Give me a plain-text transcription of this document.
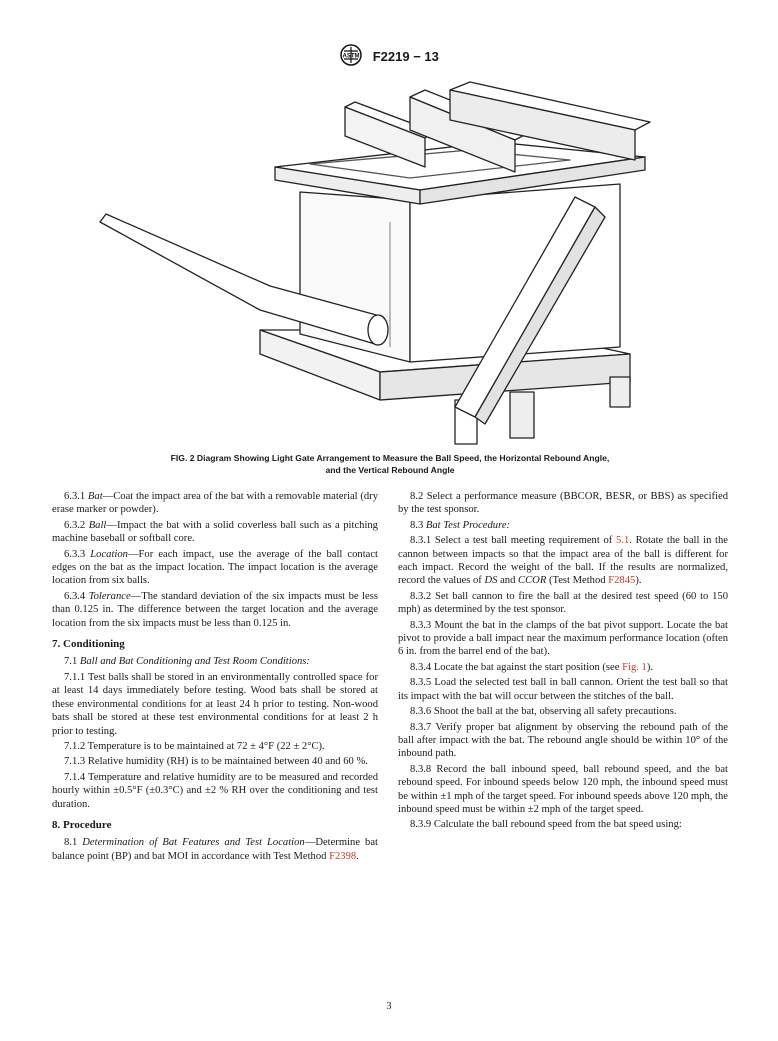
ASTM F2219 − 13
FIG. 2 Diagram Showing Light Gate Arrangement to Measure the Ball Speed, the Horizontal Rebound Angle,
and the Vertical Rebound Angle

6.3.1 Bat—Coat the impact area of the bat with a removable material (dry erase marker or powder).

6.3.2 Ball—Impact the bat with a solid coverless ball such as a pitching machine baseball or softball core.

6.3.3 Location—For each impact, use the average of the ball contact edges on the bat as the impact location. The impact location is the average location from six balls.

6.3.4 Tolerance—The standard deviation of the six impacts must be less than 0.125 in. The difference between the target location and the average location from the six impacts must be less than 0.125 in.

7. Conditioning

7.1 Ball and Bat Conditioning and Test Room Conditions:

7.1.1 Test balls shall be stored in an environmentally controlled space for at least 14 days immediately before testing. Wood bats shall be stored at these environmental conditions for at least 24 h prior to testing. Non-wood bats shall be stored at these test environmental conditions for at least 2 h prior to testing.

7.1.2 Temperature is to be maintained at 72 ± 4°F (22 ± 2°C).

7.1.3 Relative humidity (RH) is to be maintained between 40 and 60 %.

7.1.4 Temperature and relative humidity are to be measured and recorded hourly within ±0.5°F (±0.3°C) and ±2 % RH over the conditioning and test duration.

8. Procedure

8.1 Determination of Bat Features and Test Location—Determine bat balance point (BP) and bat MOI in accordance with Test Method F2398.

8.2 Select a performance measure (BBCOR, BESR, or BBS) as specified by the test sponsor.

8.3 Bat Test Procedure:

8.3.1 Select a test ball meeting requirement of 5.1. Rotate the ball in the cannon between impacts so that the impact area of the ball is different for each impact. Record the weight of the ball. If the results are normalized, record the values of DS and CCOR (Test Method F2845).

8.3.2 Set ball cannon to fire the ball at the desired test speed (60 to 150 mph) as determined by the test sponsor.

8.3.3 Mount the bat in the clamps of the bat pivot support. Locate the bat pivot to provide a ball impact near the maximum performance location (often 6 in. from the barrel end of the bat).

8.3.4 Locate the bat against the start position (see Fig. 1).

8.3.5 Load the selected test ball in ball cannon. Orient the test ball so that its impact with the bat will occur between the stitches of the ball.

8.3.6 Shoot the ball at the bat, observing all safety precautions.

8.3.7 Verify proper bat alignment by observing the rebound path of the ball after impact with the bat. The rebound angle should be within 10° of the inbound path.

8.3.8 Record the ball inbound speed, ball rebound speed, and the bat rebound speed. For inbound speeds below 120 mph, the inbound speed must be within ±1 mph of the target speed. For inbound speeds above 120 mph, the inbound speed must be within ±2 mph of the target speed.

8.3.9 Calculate the ball rebound speed from the bat speed using:

3
